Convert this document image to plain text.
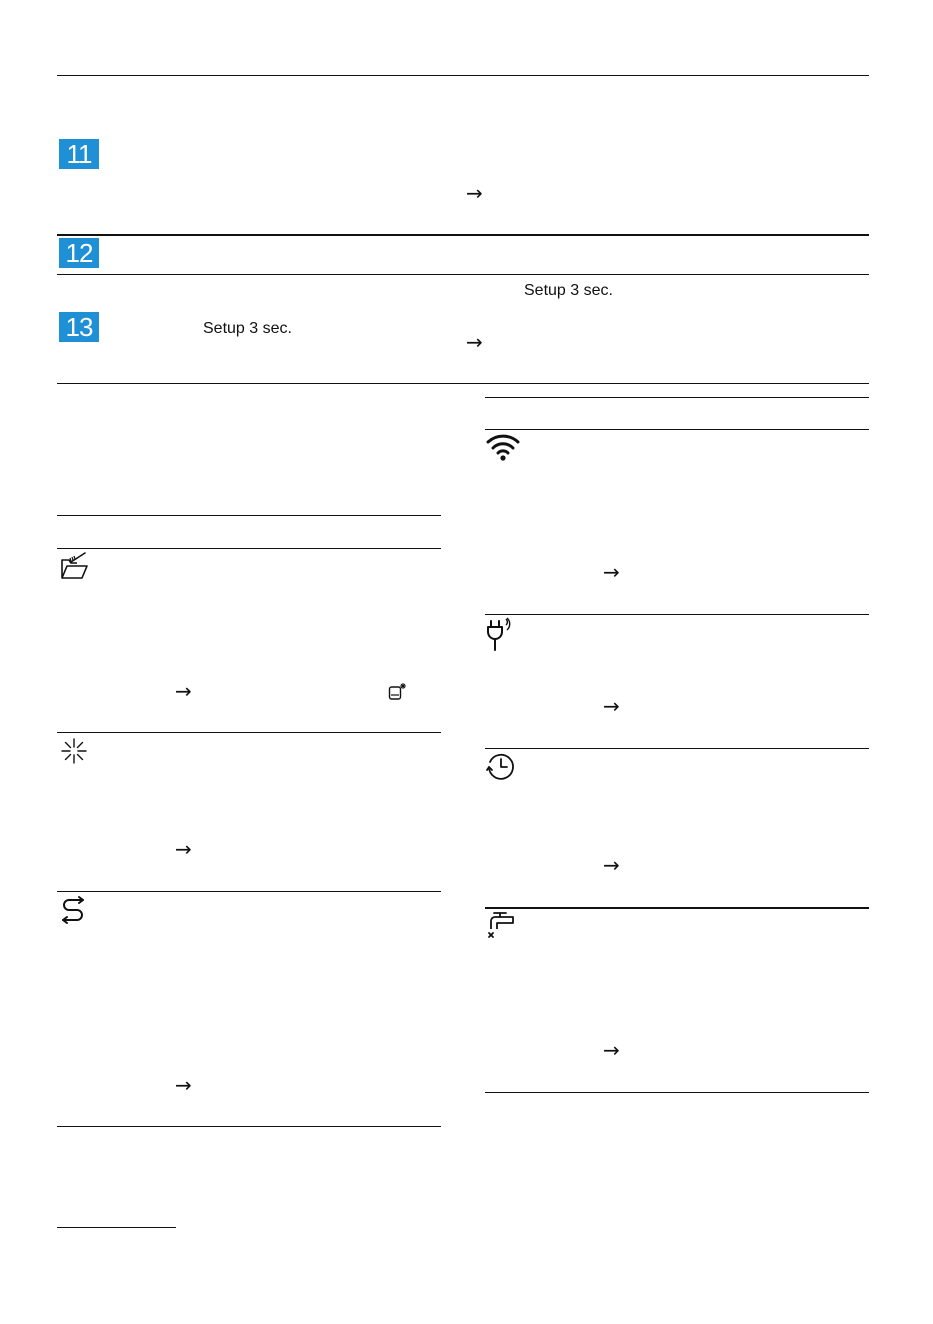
11
→
12
Setup 3 sec.
13	Setup 3 sec.
→
→
→
→
→
→
→
→
